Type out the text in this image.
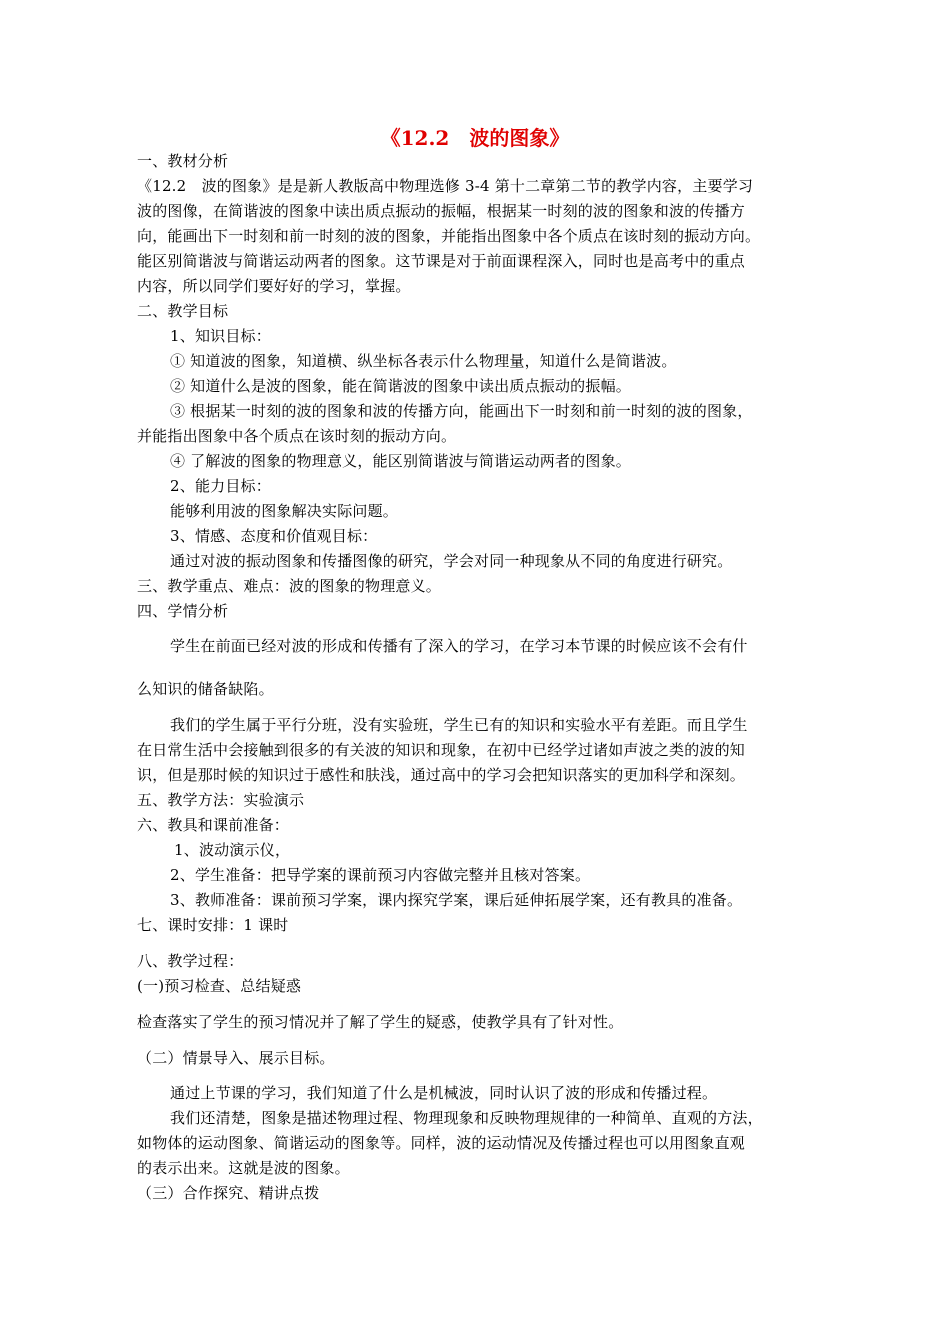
《12.2　波的图象》
一、教材分析
《12.2　波的图象》是是新人教版高中物理选修 3-4 第十二章第二节的教学内容，主要学习
波的图像，在简谐波的图象中读出质点振动的振幅，根据某一时刻的波的图象和波的传播方
向，能画出下一时刻和前一时刻的波的图象，并能指出图象中各个质点在该时刻的振动方向。
能区别简谐波与简谐运动两者的图象。这节课是对于前面课程深入，同时也是高考中的重点
内容，所以同学们要好好的学习，掌握。
二、教学目标
1、知识目标：
① 知道波的图象，知道横、纵坐标各表示什么物理量，知道什么是简谐波。
② 知道什么是波的图象，能在简谐波的图象中读出质点振动的振幅。
③ 根据某一时刻的波的图象和波的传播方向，能画出下一时刻和前一时刻的波的图象，
并能指出图象中各个质点在该时刻的振动方向。
④ 了解波的图象的物理意义，能区别简谐波与简谐运动两者的图象。
2、能力目标：
能够利用波的图象解决实际问题。
3、情感、态度和价值观目标：
通过对波的振动图象和传播图像的研究，学会对同一种现象从不同的角度进行研究。
三、教学重点、难点：波的图象的物理意义。
四、学情分析
学生在前面已经对波的形成和传播有了深入的学习，在学习本节课的时候应该不会有什
么知识的储备缺陷。
我们的学生属于平行分班，没有实验班，学生已有的知识和实验水平有差距。而且学生
在日常生活中会接触到很多的有关波的知识和现象，在初中已经学过诸如声波之类的波的知
识，但是那时候的知识过于感性和肤浅，通过高中的学习会把知识落实的更加科学和深刻。
五、教学方法：实验演示
六、教具和课前准备：
1、波动演示仪，
2、学生准备：把导学案的课前预习内容做完整并且核对答案。
3、教师准备：课前预习学案，课内探究学案，课后延伸拓展学案，还有教具的准备。
七、课时安排：1 课时
八、教学过程：
(一)预习检查、总结疑惑
检查落实了学生的预习情况并了解了学生的疑惑，使教学具有了针对性。
（二）情景导入、展示目标。
通过上节课的学习，我们知道了什么是机械波，同时认识了波的形成和传播过程。
我们还清楚，图象是描述物理过程、物理现象和反映物理规律的一种简单、直观的方法，
如物体的运动图象、简谐运动的图象等。同样，波的运动情况及传播过程也可以用图象直观
的表示出来。这就是波的图象。
（三）合作探究、精讲点拨
